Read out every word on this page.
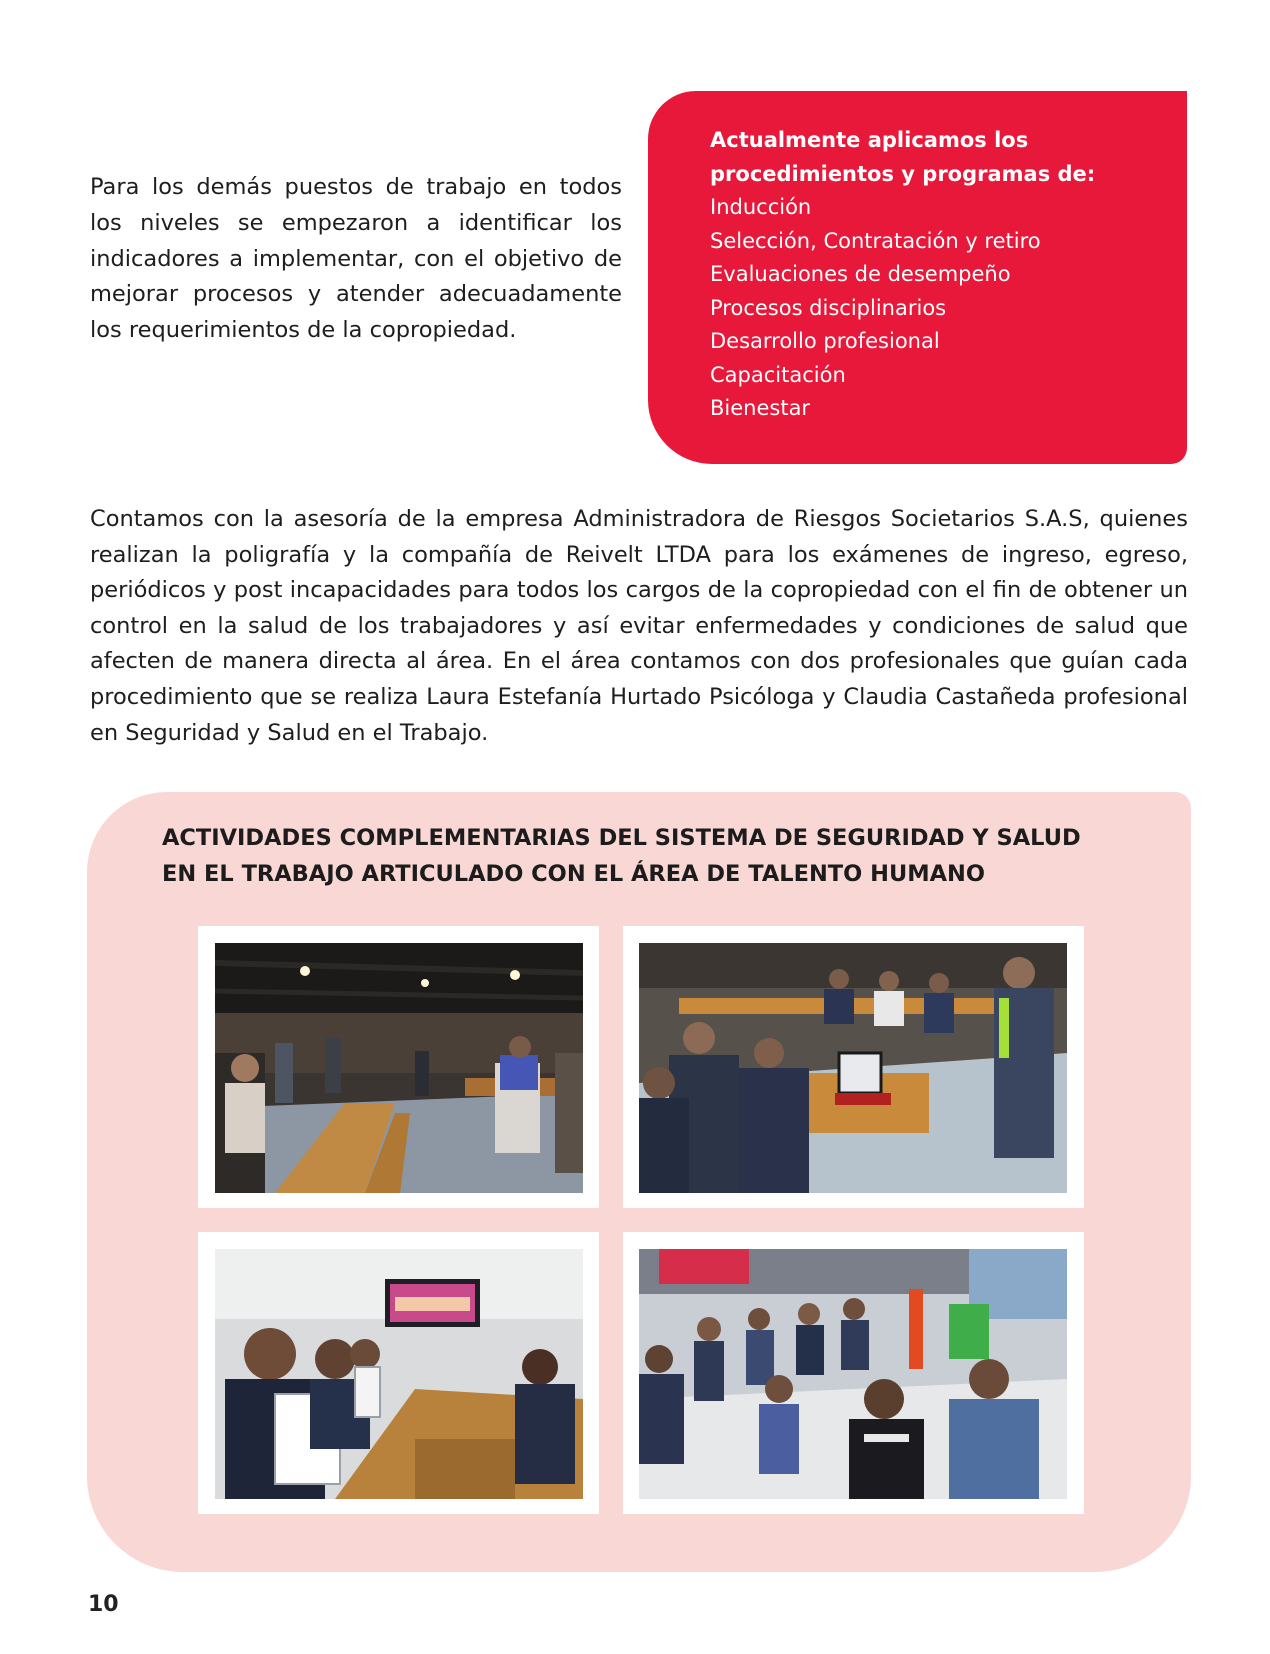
Para los demás puestos de trabajo en todos los niveles se empezaron a identificar los indicadores a implementar, con el objetivo de mejorar procesos y atender adecuadamente los requerimientos de la copropiedad.

Actualmente aplicamos los procedimientos y programas de:

Inducción
Selección, Contratación y retiro
Evaluaciones de desempeño
Procesos disciplinarios
Desarrollo profesional
Capacitación
Bienestar

Contamos con la asesoría de la empresa Administradora de Riesgos Societarios S.A.S, quienes realizan la poligrafía y la compañía de Reivelt LTDA para los exámenes de ingreso, egreso, periódicos y post incapacidades para todos los cargos de la copropiedad con el fin de obtener un control en la salud de los trabajadores y así evitar enfermedades y condiciones de salud que afecten de manera directa al área. En el área contamos con dos profesionales que guían cada procedimiento que se realiza Laura Estefanía Hurtado Psicóloga y Claudia Castañeda profesional en Seguridad y Salud en el Trabajo.

ACTIVIDADES COMPLEMENTARIAS DEL SISTEMA DE SEGURIDAD Y SALUD
EN EL TRABAJO ARTICULADO CON EL ÁREA DE TALENTO HUMANO

10
